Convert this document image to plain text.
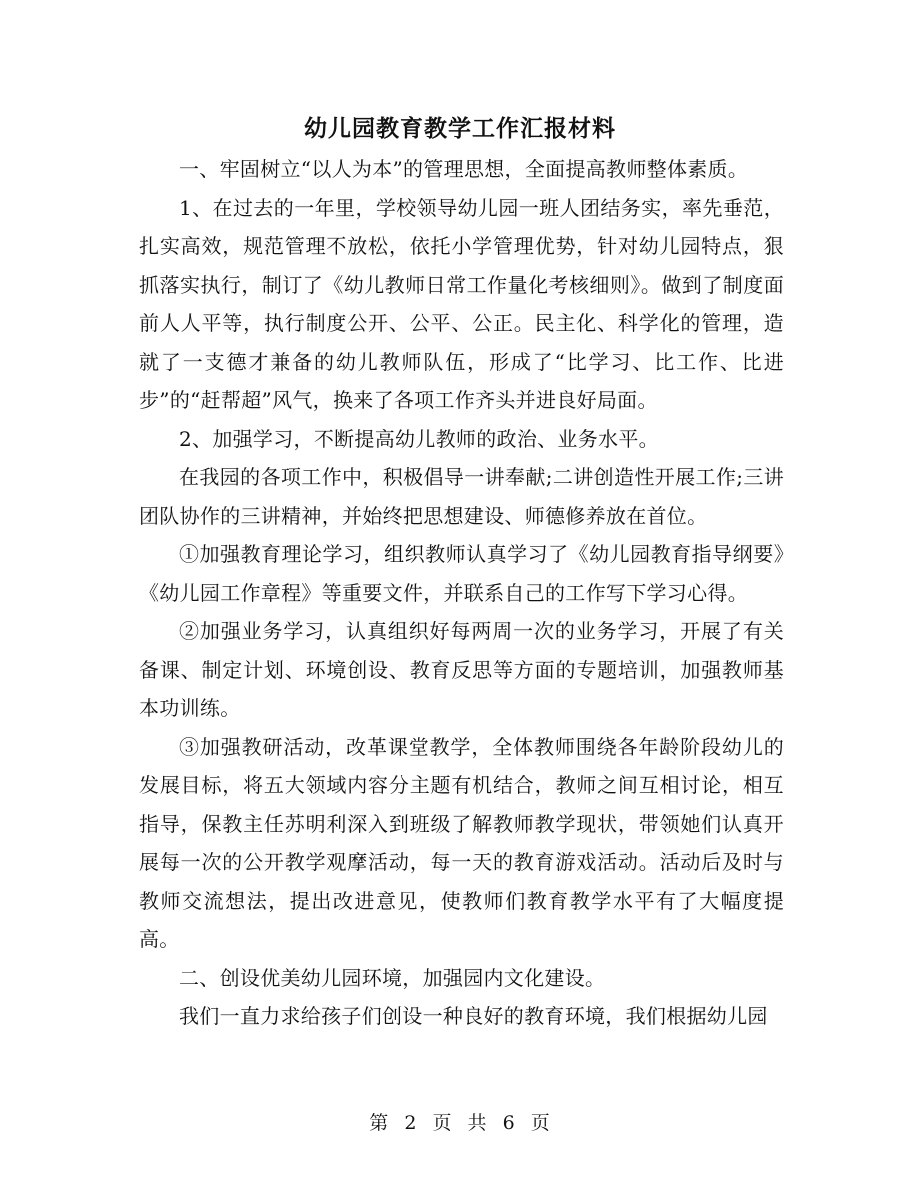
幼儿园教育教学工作汇报材料

一、牢固树立“以人为本”的管理思想，全面提高教师整体素质。

1、在过去的一年里，学校领导幼儿园一班人团结务实，率先垂范，扎实高效，规范管理不放松，依托小学管理优势，针对幼儿园特点，狠抓落实执行，制订了《幼儿教师日常工作量化考核细则》。做到了制度面前人人平等，执行制度公开、公平、公正。民主化、科学化的管理，造就了一支德才兼备的幼儿教师队伍，形成了“比学习、比工作、比进步”的“赶帮超”风气，换来了各项工作齐头并进良好局面。

2、加强学习，不断提高幼儿教师的政治、业务水平。

在我园的各项工作中，积极倡导一讲奉献;二讲创造性开展工作;三讲团队协作的三讲精神，并始终把思想建设、师德修养放在首位。

①加强教育理论学习，组织教师认真学习了《幼儿园教育指导纲要》《幼儿园工作章程》等重要文件，并联系自己的工作写下学习心得。

②加强业务学习，认真组织好每两周一次的业务学习，开展了有关备课、制定计划、环境创设、教育反思等方面的专题培训，加强教师基本功训练。

③加强教研活动，改革课堂教学，全体教师围绕各年龄阶段幼儿的发展目标，将五大领域内容分主题有机结合，教师之间互相讨论，相互指导，保教主任苏明利深入到班级了解教师教学现状，带领她们认真开展每一次的公开教学观摩活动，每一天的教育游戏活动。活动后及时与教师交流想法，提出改进意见，使教师们教育教学水平有了大幅度提高。

二、创设优美幼儿园环境，加强园内文化建设。

我们一直力求给孩子们创设一种良好的教育环境，我们根据幼儿园

第 2 页 共 6 页
